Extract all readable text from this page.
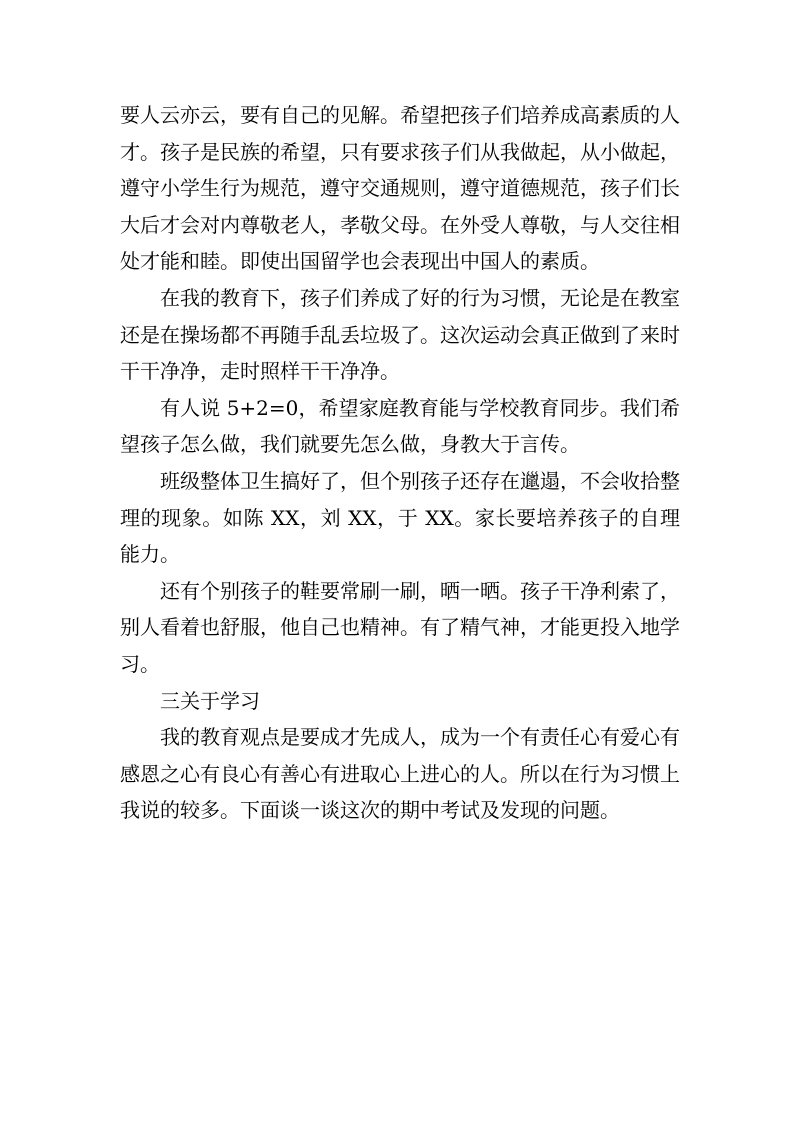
要人云亦云，要有自己的见解。希望把孩子们培养成高素质的人才。孩子是民族的希望，只有要求孩子们从我做起，从小做起，遵守小学生行为规范，遵守交通规则，遵守道德规范，孩子们长大后才会对内尊敬老人，孝敬父母。在外受人尊敬，与人交往相处才能和睦。即使出国留学也会表现出中国人的素质。

在我的教育下，孩子们养成了好的行为习惯，无论是在教室还是在操场都不再随手乱丢垃圾了。这次运动会真正做到了来时干干净净，走时照样干干净净。

有人说 5+2=0，希望家庭教育能与学校教育同步。我们希望孩子怎么做，我们就要先怎么做，身教大于言传。

班级整体卫生搞好了，但个别孩子还存在邋遢，不会收拾整理的现象。如陈 XX，刘 XX，于 XX。家长要培养孩子的自理能力。

还有个别孩子的鞋要常刷一刷，晒一晒。孩子干净利索了，别人看着也舒服，他自己也精神。有了精气神，才能更投入地学习。

三关于学习

我的教育观点是要成才先成人，成为一个有责任心有爱心有感恩之心有良心有善心有进取心上进心的人。所以在行为习惯上我说的较多。下面谈一谈这次的期中考试及发现的问题。
